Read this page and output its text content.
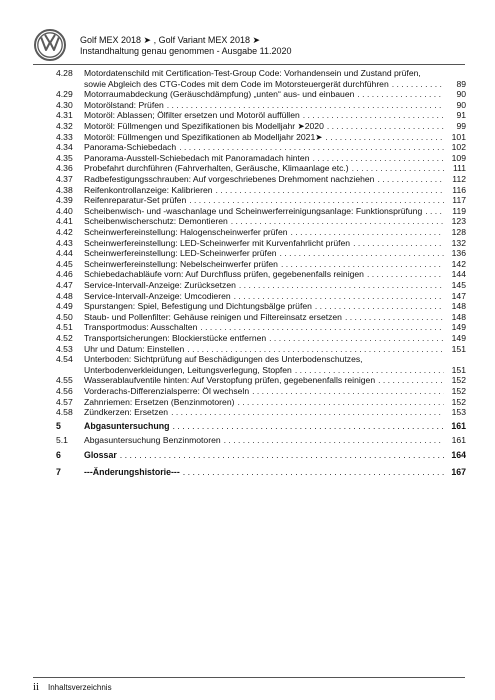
Golf MEX 2018 ➤ , Golf Variant MEX 2018 ➤
Instandhaltung genau genommen - Ausgabe 11.2020
4.28 Motordatenschild mit Certification-Test-Group Code: Vorhandensein und Zustand prüfen,
sowie Abgleich des CTG-Codes mit dem Code im Motorsteuergerät durchführen . . .	89
4.29 Motorraumabdeckung (Geräuschdämpfung) „unten“ aus- und einbauen . . .	90
4.30 Motorölstand: Prüfen . . .	90
4.31 Motoröl: Ablassen; Ölfilter ersetzen und Motoröl auffüllen . . .	91
4.32 Motoröl: Füllmengen und Spezifikationen bis Modelljahr ➤2020 . . .	99
4.33 Motoröl: Füllmengen und Spezifikationen ab Modelljahr 2021➤ . . .	101
4.34 Panorama-Schiebedach . . .	102
4.35 Panorama-Ausstell-Schiebedach mit Panoramadach hinten . . .	109
4.36 Probefahrt durchführen (Fahrverhalten, Geräusche, Klimaanlage etc.) . . .	111
4.37 Radbefestigungsschrauben: Auf vorgeschriebenes Drehmoment nachziehen . . .	112
4.38 Reifenkontrollanzeige: Kalibrieren . . .	116
4.39 Reifenreparatur-Set prüfen . . .	117
4.40 Scheibenwisch- und -waschanlage und Scheinwerferreinigungsanlage: Funktionsprüfung . . .	119
4.41 Scheibenwischerschutz: Demontieren . . .	123
4.42 Scheinwerfereinstellung: Halogenscheinwerfer prüfen . . .	128
4.43 Scheinwerfereinstellung: LED-Scheinwerfer mit Kurvenfahrlicht prüfen . . .	132
4.44 Scheinwerfereinstellung: LED-Scheinwerfer prüfen . . .	136
4.45 Scheinwerfereinstellung: Nebelscheinwerfer prüfen . . .	142
4.46 Schiebedachabläufe vorn: Auf Durchfluss prüfen, gegebenenfalls reinigen . . .	144
4.47 Service-Intervall-Anzeige: Zurücksetzen . . .	145
4.48 Service-Intervall-Anzeige: Umcodieren . . .	147
4.49 Spurstangen: Spiel, Befestigung und Dichtungsbälge prüfen . . .	148
4.50 Staub- und Pollenfilter: Gehäuse reinigen und Filtereinsatz ersetzen . . .	148
4.51 Transportmodus: Ausschalten . . .	149
4.52 Transportsicherungen: Blockierstücke entfernen . . .	149
4.53 Uhr und Datum: Einstellen . . .	151
4.54 Unterboden: Sichtprüfung auf Beschädigungen des Unterbodenschutzes,
Unterbodenverkleidungen, Leitungsverlegung, Stopfen . . .	151
4.55 Wasserablaufventile hinten: Auf Verstopfung prüfen, gegebenenfalls reinigen . . .	152
4.56 Vorderachs-Differenzialsperre: Öl wechseln . . .	152
4.57 Zahnriemen: Ersetzen (Benzinmotoren) . . .	152
4.58 Zündkerzen: Ersetzen . . .	153
5	Abgasuntersuchung . . .	161
5.1 Abgasuntersuchung Benzinmotoren . . .	161
6	Glossar . . .	164
7	---Änderungshistorie--- . . .	167
ii Inhaltsverzeichnis
